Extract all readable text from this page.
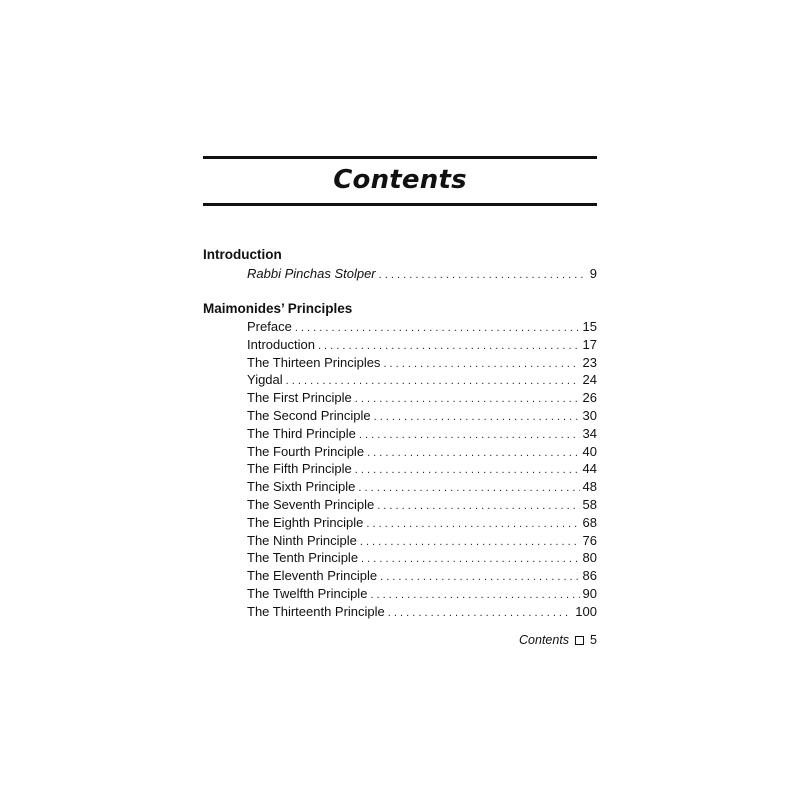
Contents
Introduction
Rabbi Pinchas Stolper . . .	9
Maimonides’ Principles
Preface . . .	15
Introduction . . .	17
The Thirteen Principles . . .	23
Yigdal . . .	24
The First Principle . . .	26
The Second Principle . . .	30
The Third Principle . . .	34
The Fourth Principle . . .	40
The Fifth Principle . . .	44
The Sixth Principle . . .	48
The Seventh Principle . . .	58
The Eighth Principle . . .	68
The Ninth Principle . . .	76
The Tenth Principle . . .	80
The Eleventh Principle . . .	86
The Twelfth Principle . . .	90
The Thirteenth Principle . . .	100
Contents 5
